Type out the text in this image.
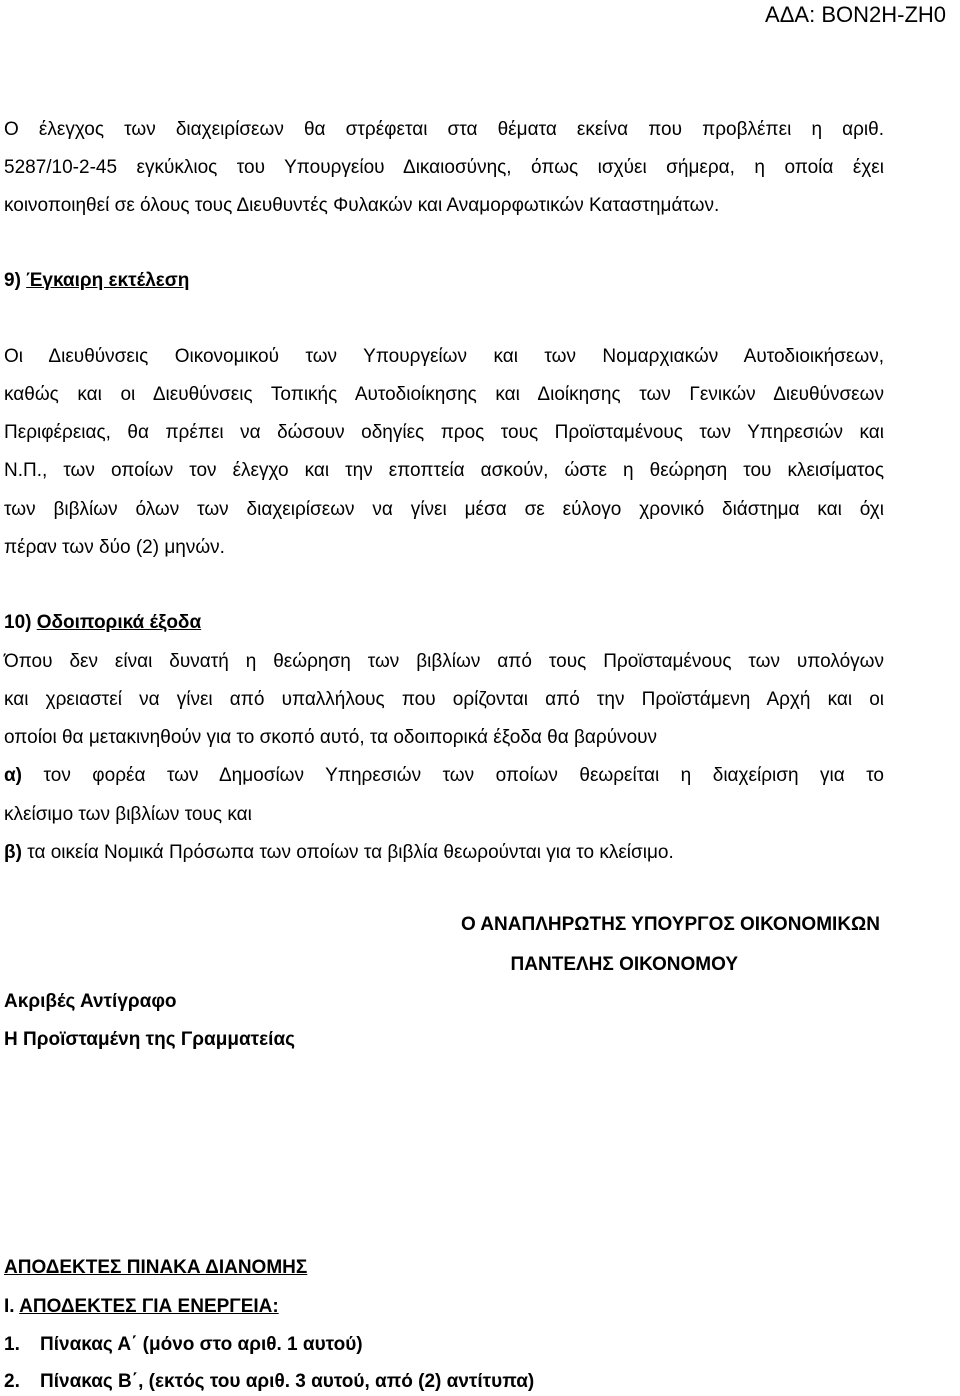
ΑΔΑ: ΒΟΝ2Η-ΖΗ0
Ο έλεγχος των διαχειρίσεων θα στρέφεται στα θέματα εκείνα που προβλέπει η αριθ.
5287/10-2-45 εγκύκλιος του Υπουργείου Δικαιοσύνης, όπως ισχύει σήμερα, η οποία έχει
κοινοποιηθεί σε όλους τους Διευθυντές Φυλακών και Αναμορφωτικών Καταστημάτων.
9) Έγκαιρη εκτέλεση
Οι Διευθύνσεις Οικονομικού των Υπουργείων και των Νομαρχιακών Αυτοδιοικήσεων,
καθώς και οι Διευθύνσεις Τοπικής Αυτοδιοίκησης και Διοίκησης των Γενικών Διευθύνσεων
Περιφέρειας, θα πρέπει να δώσουν οδηγίες προς τους Προϊσταμένους των Υπηρεσιών και
Ν.Π., των οποίων τον έλεγχο και την εποπτεία ασκούν, ώστε η θεώρηση του κλεισίματος
των βιβλίων όλων των διαχειρίσεων να γίνει μέσα σε εύλογο χρονικό διάστημα και όχι
πέραν των δύο (2) μηνών.
10) Οδοιπορικά έξοδα
Όπου δεν είναι δυνατή η θεώρηση των βιβλίων από τους Προϊσταμένους των υπολόγων
και χρειαστεί να γίνει από υπαλλήλους που ορίζονται από την Προϊστάμενη Αρχή και οι
οποίοι θα μετακινηθούν για το σκοπό αυτό, τα οδοιπορικά έξοδα θα βαρύνουν
α) τον φορέα των Δημοσίων Υπηρεσιών των οποίων θεωρείται η διαχείριση για το
κλείσιμο των βιβλίων τους και
β) τα οικεία Νομικά Πρόσωπα των οποίων τα βιβλία θεωρούνται για το κλείσιμο.
Ο ΑΝΑΠΛΗΡΩΤΗΣ ΥΠΟΥΡΓΟΣ ΟΙΚΟΝΟΜΙΚΩΝ
ΠΑΝΤΕΛΗΣ ΟΙΚΟΝΟΜΟΥ
Ακριβές Αντίγραφο
Η Προϊσταμένη της Γραμματείας
ΑΠΟΔΕΚΤΕΣ ΠΙΝΑΚΑ ΔΙΑΝΟΜΗΣ
Ι. ΑΠΟΔΕΚΤΕΣ ΓΙΑ ΕΝΕΡΓΕΙΑ:
1. Πίνακας Α΄ (μόνο στο αριθ. 1 αυτού)
2. Πίνακας Β΄, (εκτός του αριθ. 3 αυτού, από (2) αντίτυπα)
